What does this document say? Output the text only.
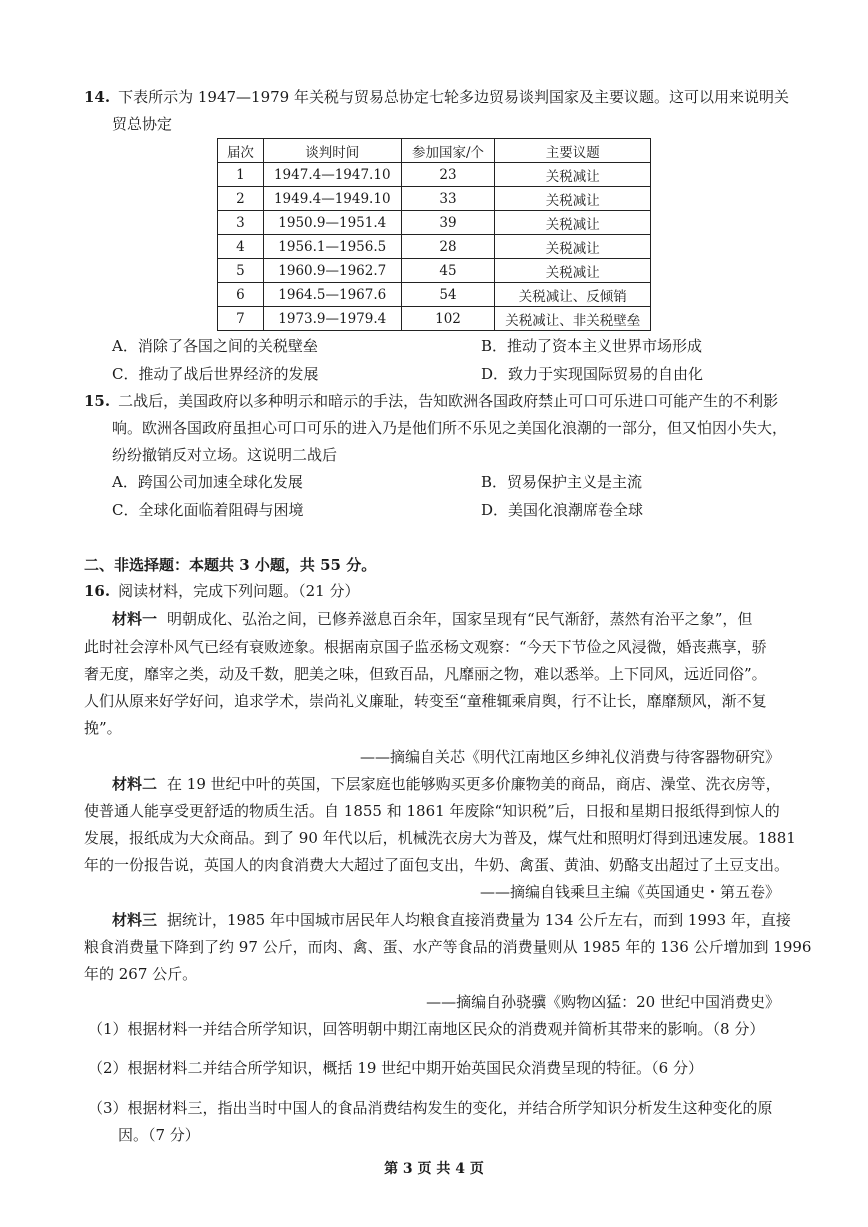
14. 下表所示为 1947—1979 年关税与贸易总协定七轮多边贸易谈判国家及主要议题。这可以用来说明关
贸总协定
届次	谈判时间	参加国家/个	主要议题
1	1947.4—1947.10	23	关税减让
2	1949.4—1949.10	33	关税减让
3	1950.9—1951.4	39	关税减让
4	1956.1—1956.5	28	关税减让
5	1960.9—1962.7	45	关税减让
6	1964.5—1967.6	54	关税减让、反倾销
7	1973.9—1979.4	102	关税减让、非关税壁垒
A．消除了各国之间的关税壁垒	B．推动了资本主义世界市场形成
C．推动了战后世界经济的发展	D．致力于实现国际贸易的自由化
15. 二战后，美国政府以多种明示和暗示的手法，告知欧洲各国政府禁止可口可乐进口可能产生的不利影
响。欧洲各国政府虽担心可口可乐的进入乃是他们所不乐见之美国化浪潮的一部分，但又怕因小失大，
纷纷撤销反对立场。这说明二战后
A．跨国公司加速全球化发展	B．贸易保护主义是主流
C．全球化面临着阻碍与困境	D．美国化浪潮席卷全球
二、非选择题：本题共 3 小题，共 55 分。
16. 阅读材料，完成下列问题。（21 分）
材料一 明朝成化、弘治之间，已修养滋息百余年，国家呈现有“民气渐舒，蒸然有治平之象”，但
此时社会淳朴风气已经有衰败迹象。根据南京国子监丞杨文观察：“今天下节俭之风浸微，婚丧燕享，骄
奢无度，靡宰之类，动及千数，肥美之味，但致百品，凡靡丽之物，难以悉举。上下同风，远近同俗”。
人们从原来好学好问，追求学术，崇尚礼义廉耻，转变至“童稚辄乘肩舆，行不让长，靡靡颓风，渐不复
挽”。
——摘编自关芯《明代江南地区乡绅礼仪消费与待客器物研究》
材料二 在 19 世纪中叶的英国，下层家庭也能够购买更多价廉物美的商品，商店、澡堂、洗衣房等，
使普通人能享受更舒适的物质生活。自 1855 和 1861 年废除“知识税”后，日报和星期日报纸得到惊人的
发展，报纸成为大众商品。到了 90 年代以后，机械洗衣房大为普及，煤气灶和照明灯得到迅速发展。1881
年的一份报告说，英国人的肉食消费大大超过了面包支出，牛奶、禽蛋、黄油、奶酪支出超过了土豆支出。
——摘编自钱乘旦主编《英国通史・第五卷》
材料三 据统计，1985 年中国城市居民年人均粮食直接消费量为 134 公斤左右，而到 1993 年，直接
粮食消费量下降到了约 97 公斤，而肉、禽、蛋、水产等食品的消费量则从 1985 年的 136 公斤增加到 1996
年的 267 公斤。
——摘编自孙骁骥《购物凶猛：20 世纪中国消费史》
（1）根据材料一并结合所学知识，回答明朝中期江南地区民众的消费观并简析其带来的影响。（8 分）
（2）根据材料二并结合所学知识，概括 19 世纪中期开始英国民众消费呈现的特征。（6 分）
（3）根据材料三，指出当时中国人的食品消费结构发生的变化，并结合所学知识分析发生这种变化的原
因。（7 分）
第 3 页 共 4 页
